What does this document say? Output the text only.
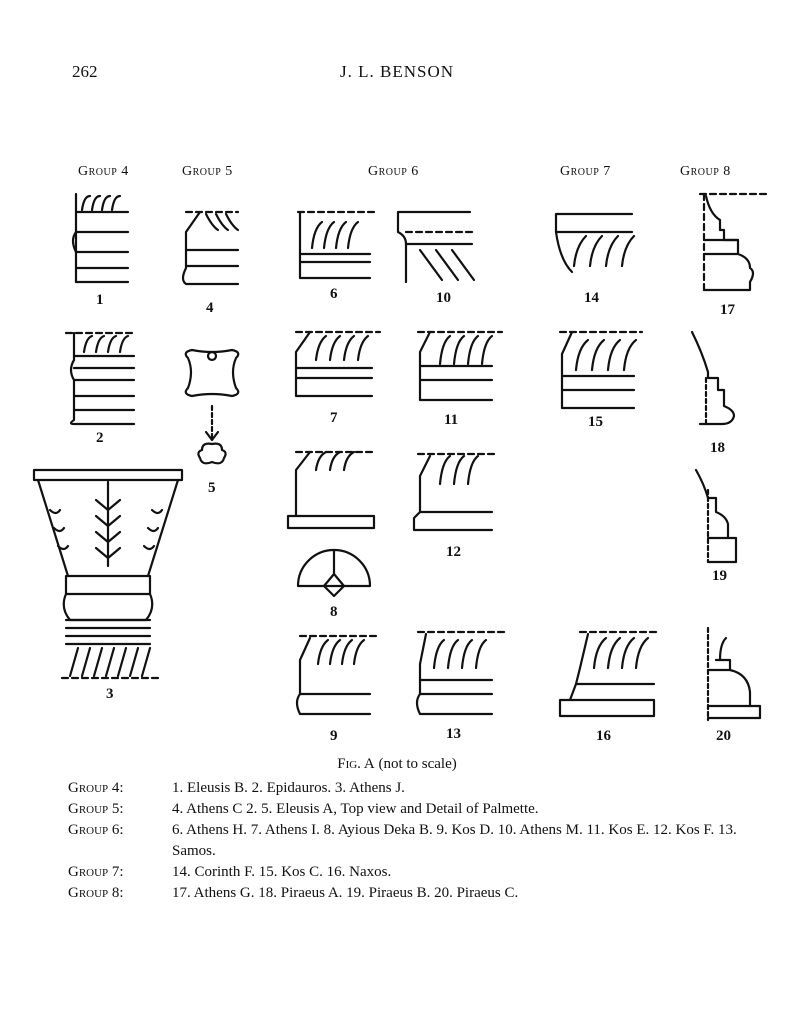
262	J. L. BENSON
Group 4	Group 5	Group 6	Group 7	Group 8
1
2
3
4
5
6
7
8
9
10
11
12
13
14
15
16
17
18
19
20
Fig. A (not to scale)
Group 4:	1. Eleusis B. 2. Epidauros. 3. Athens J.
Group 5:	4. Athens C 2. 5. Eleusis A, Top view and Detail of Palmette.
Group 6:	6. Athens H. 7. Athens I. 8. Ayious Deka B. 9. Kos D. 10. Athens M. 11. Kos E. 12. Kos F. 13. Samos.
Group 7:	14. Corinth F. 15. Kos C. 16. Naxos.
Group 8:	17. Athens G. 18. Piraeus A. 19. Piraeus B. 20. Piraeus C.
